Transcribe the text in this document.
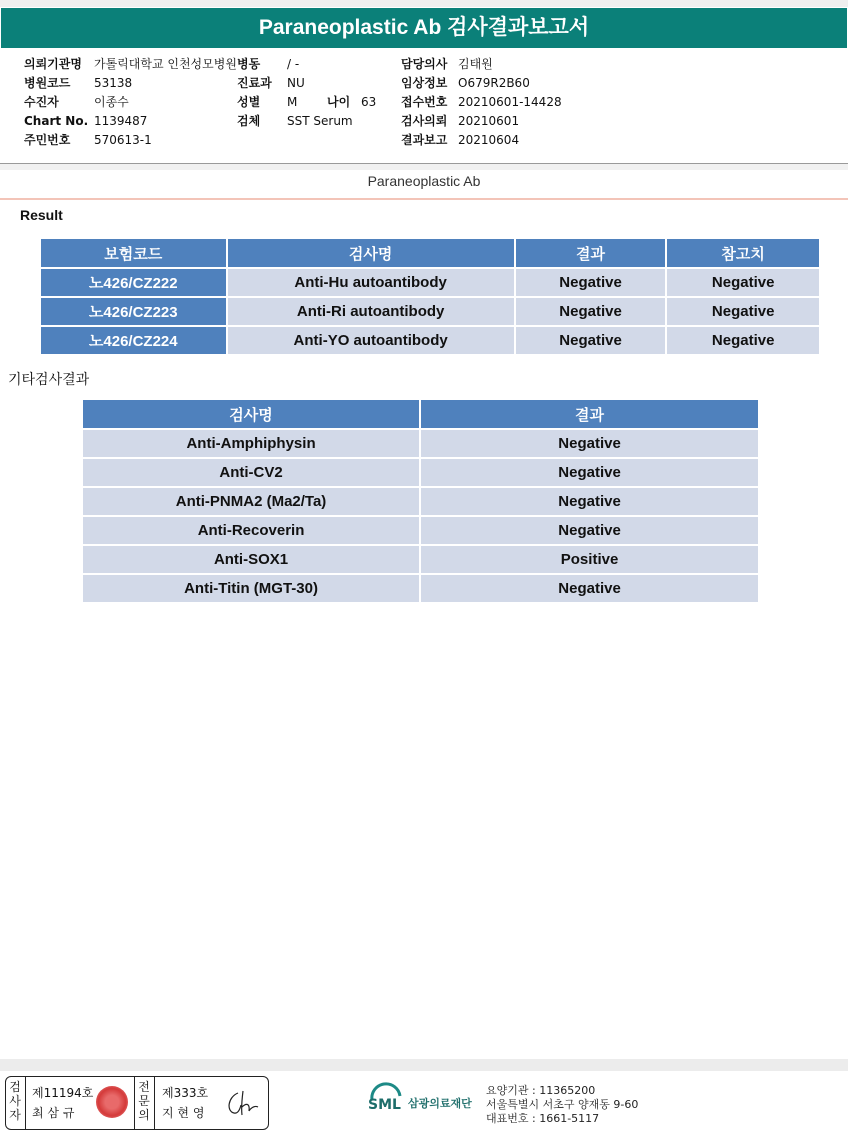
Paraneoplastic Ab 검사결과보고서
의뢰기관명 가톨릭대학교 인천성모병원
병원코드 53138
수진자	이종수
Chart No. 1139487
주민번호 570613-1
병동 / -
진료과 NU
성별 M 나이 63
검체 SST Serum
담당의사 김태원
임상정보 O679R2B60
접수번호 20210601-14428
검사의뢰 20210601
결과보고 20210604
Paraneoplastic Ab
Result
보험코드	검사명	결과	참고치
노426/CZ222	Anti-Hu autoantibody	Negative	Negative
노426/CZ223	Anti-Ri autoantibody	Negative	Negative
노426/CZ224	Anti-YO autoantibody	Negative	Negative
기타검사결과
검사명	결과
Anti-Amphiphysin	Negative
Anti-CV2	Negative
Anti-PNMA2 (Ma2/Ta)	Negative
Anti-Recoverin	Negative
Anti-SOX1	Positive
Anti-Titin (MGT-30)	Negative
검사자
제11194호
최 삼 규
전문의
제333호
지 현 영	SML 삼광의료재단
요양기관 : 11365200
서울특별시 서초구 양재동 9-60
대표번호 : 1661-5117
